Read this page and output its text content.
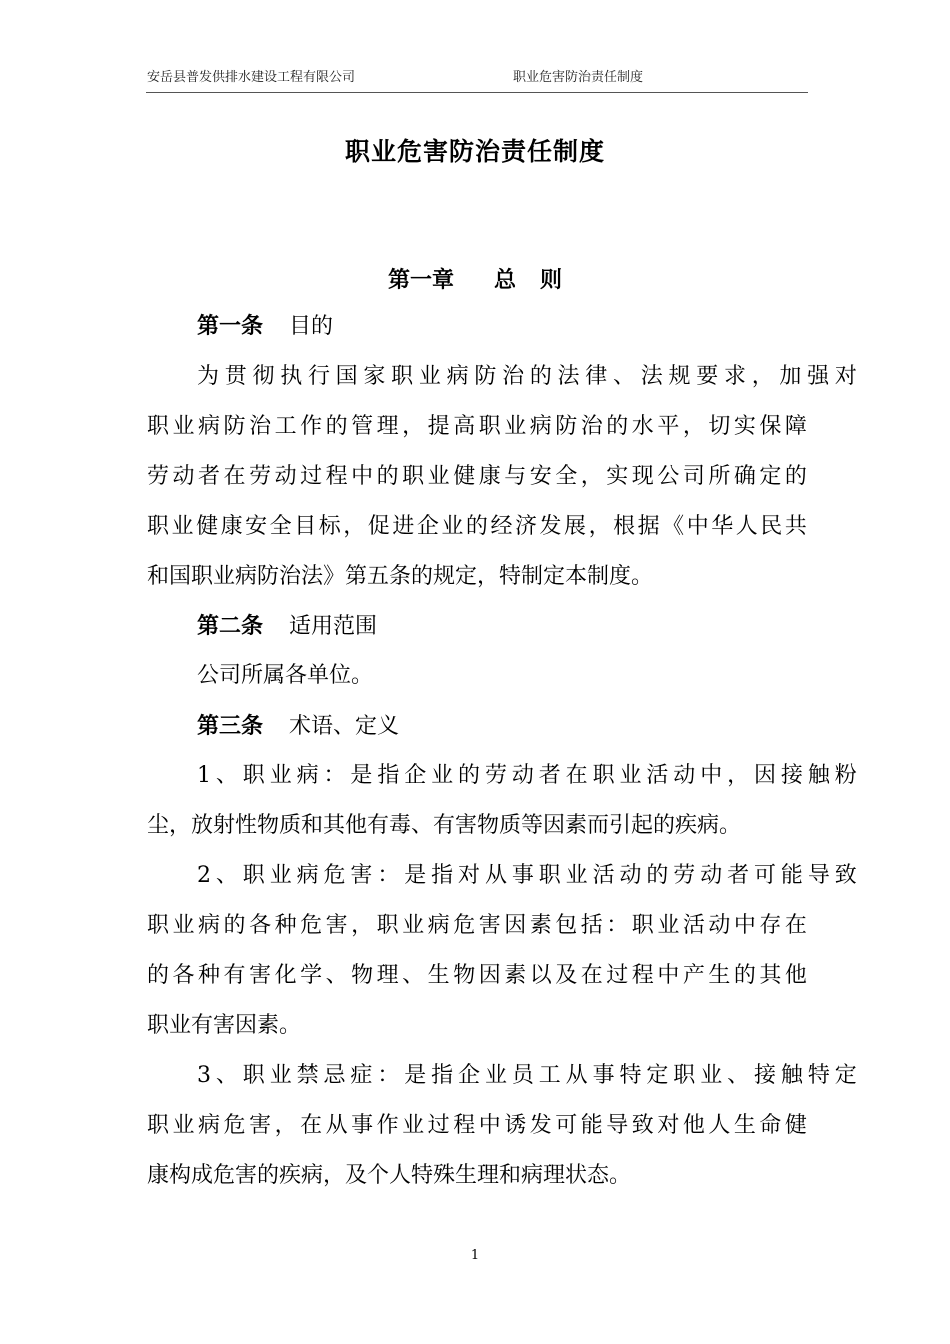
安岳县普发供排水建设工程有限公司	职业危害防治责任制度
职业危害防治责任制度
第一章 总 则
第一条 目的
为 贯 彻 执 行 国 家 职 业 病 防 治 的 法 律 、 法 规 要 求 ， 加 强 对
职 业 病 防 治 工 作 的 管 理 ， 提 高 职 业 病 防 治 的 水 平 ， 切 实 保 障
劳 动 者 在 劳 动 过 程 中 的 职 业 健 康 与 安 全 ， 实 现 公 司 所 确 定 的
职 业 健 康 安 全 目 标 ， 促 进 企 业 的 经 济 发 展 ， 根 据 《 中 华 人 民 共
和国职业病防治法》第五条的规定，特制定本制度。
第二条 适用范围
公司所属各单位。
第三条 术语、定义
1 、 职 业 病 ： 是 指 企 业 的 劳 动 者 在 职 业 活 动 中 ， 因 接 触 粉
尘，放射性物质和其他有毒、有害物质等因素而引起的疾病。
2 、 职 业 病 危 害 ： 是 指 对 从 事 职 业 活 动 的 劳 动 者 可 能 导 致
职 业 病 的 各 种 危 害 ， 职 业 病 危 害 因 素 包 括 ： 职 业 活 动 中 存 在
的 各 种 有 害 化 学 、 物 理 、 生 物 因 素 以 及 在 过 程 中 产 生 的 其 他
职业有害因素。
3 、 职 业 禁 忌 症 ： 是 指 企 业 员 工 从 事 特 定 职 业 、 接 触 特 定
职 业 病 危 害 ， 在 从 事 作 业 过 程 中 诱 发 可 能 导 致 对 他 人 生 命 健
康构成危害的疾病，及个人特殊生理和病理状态。
1
